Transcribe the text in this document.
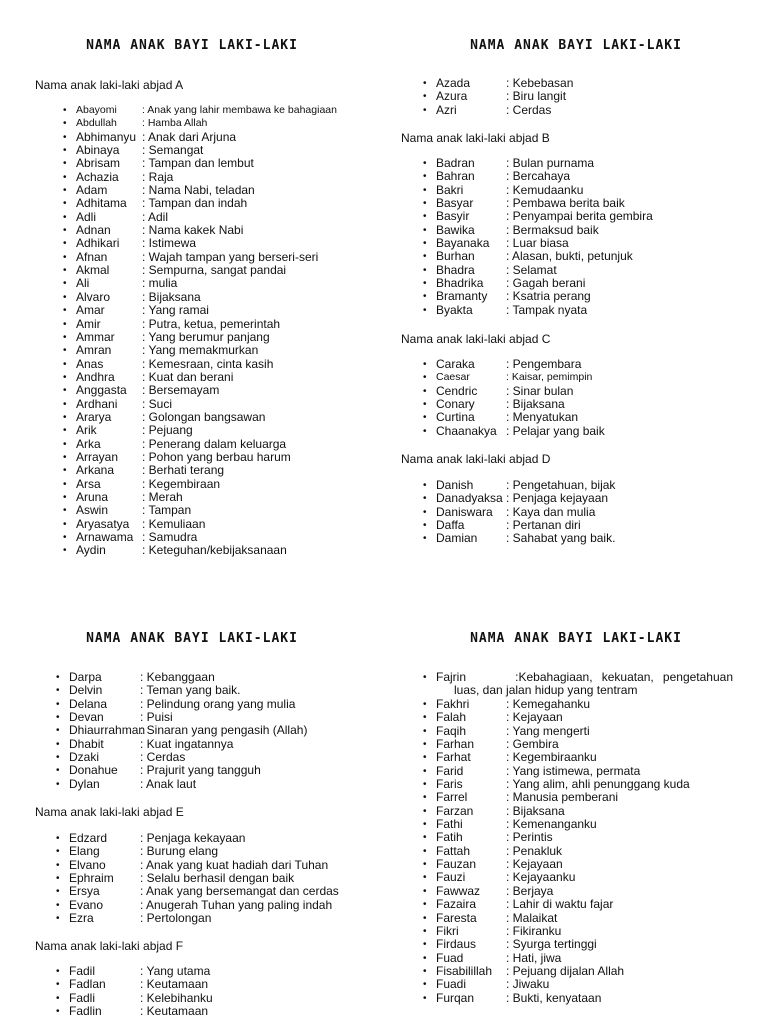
NAMA ANAK BAYI LAKI-LAKI
Nama anak laki-laki abjad A
• Abayomi : Anak yang lahir membawa ke bahagiaan
• Abdullah : Hamba Allah
• Abhimanyu : Anak dari Arjuna
• Abinaya : Semangat
• Abrisam : Tampan dan lembut
• Achazia : Raja
• Adam	: Nama Nabi, teladan
• Adhitama : Tampan dan indah
• Adli	: Adil
• Adnan	: Nama kakek Nabi
• Adhikari : Istimewa
• Afnan	: Wajah tampan yang berseri-seri
• Akmal	: Sempurna, sangat pandai
• Ali	: mulia
• Alvaro	: Bijaksana
• Amar	: Yang ramai
• Amir	: Putra, ketua, pemerintah
• Ammar : Yang berumur panjang
• Amran	: Yang memakmurkan
• Anas	: Kemesraan, cinta kasih
• Andhra : Kuat dan berani
• Anggasta : Bersemayam
• Ardhani : Suci
• Ararya	: Golongan bangsawan
• Arik	: Pejuang
• Arka	: Penerang dalam keluarga
• Arrayan : Pohon yang berbau harum
• Arkana : Berhati terang
• Arsa	: Kegembiraan
• Aruna	: Merah
• Aswin	: Tampan
• Aryasatya : Kemuliaan
• Arnawama : Samudra
• Aydin	: Keteguhan/kebijaksanaan
NAMA ANAK BAYI LAKI-LAKI
• Azada	: Kebebasan
• Azura	: Biru langit
• Azri	: Cerdas
Nama anak laki-laki abjad B
• Badran	: Bulan purnama
• Bahran	: Bercahaya
• Bakri	: Kemudaanku
• Basyar	: Pembawa berita baik
• Basyir	: Penyampai berita gembira
• Bawika	: Bermaksud baik
• Bayanaka : Luar biasa
• Burhan	: Alasan, bukti, petunjuk
• Bhadra	: Selamat
• Bhadrika : Gagah berani
• Bramanty : Ksatria perang
• Byakta	: Tampak nyata
Nama anak laki-laki abjad C
• Caraka	: Pengembara
• Caesar	: Kaisar, pemimpin
• Cendric : Sinar bulan
• Conary	: Bijaksana
• Curtina	: Menyatukan
• Chaanakya : Pelajar yang baik
Nama anak laki-laki abjad D
• Danish	: Pengetahuan, bijak
• Danadyaksa : Penjaga kejayaan
• Daniswara : Kaya dan mulia
• Daffa	: Pertanan diri
• Damian : Sahabat yang baik.
NAMA ANAK BAYI LAKI-LAKI
• Darpa	: Kebanggaan
• Delvin	: Teman yang baik.
• Delana	: Pelindung orang yang mulia
• Devan	: Puisi
• Dhiaurrahman: Sinaran yang pengasih (Allah)
• Dhabit	: Kuat ingatannya
• Dzaki	: Cerdas
• Donahue : Prajurit yang tangguh
• Dylan	: Anak laut
Nama anak laki-laki abjad E
• Edzard	: Penjaga kekayaan
• Elang	: Burung elang
• Elvano	: Anak yang kuat hadiah dari Tuhan
• Ephraim : Selalu berhasil dengan baik
• Ersya	: Anak yang bersemangat dan cerdas
• Evano	: Anugerah Tuhan yang paling indah
• Ezra	: Pertolongan
Nama anak laki-laki abjad F
• Fadil	: Yang utama
• Fadlan	: Keutamaan
• Fadli	: Kelebihanku
• Fadlin	: Keutamaan
NAMA ANAK BAYI LAKI-LAKI
• Fajrin	:Kebahagiaan, kekuatan, pengetahuan
luas, dan jalan hidup yang tentram
• Fakhri	: Kemegahanku
• Falah	: Kejayaan
• Faqih	: Yang mengerti
• Farhan	: Gembira
• Farhat	: Kegembiraanku
• Farid	: Yang istimewa, permata
• Faris	: Yang alim, ahli penunggang kuda
• Farrel	: Manusia pemberani
• Farzan	: Bijaksana
• Fathi	: Kemenanganku
• Fatih	: Perintis
• Fattah	: Penakluk
• Fauzan : Kejayaan
• Fauzi	: Kejayaanku
• Fawwaz : Berjaya
• Fazaira : Lahir di waktu fajar
• Faresta : Malaikat
• Fikri	: Fikiranku
• Firdaus : Syurga tertinggi
• Fuad	: Hati, jiwa
• Fisabilillah : Pejuang dijalan Allah
• Fuadi	: Jiwaku
• Furqan	: Bukti, kenyataan
